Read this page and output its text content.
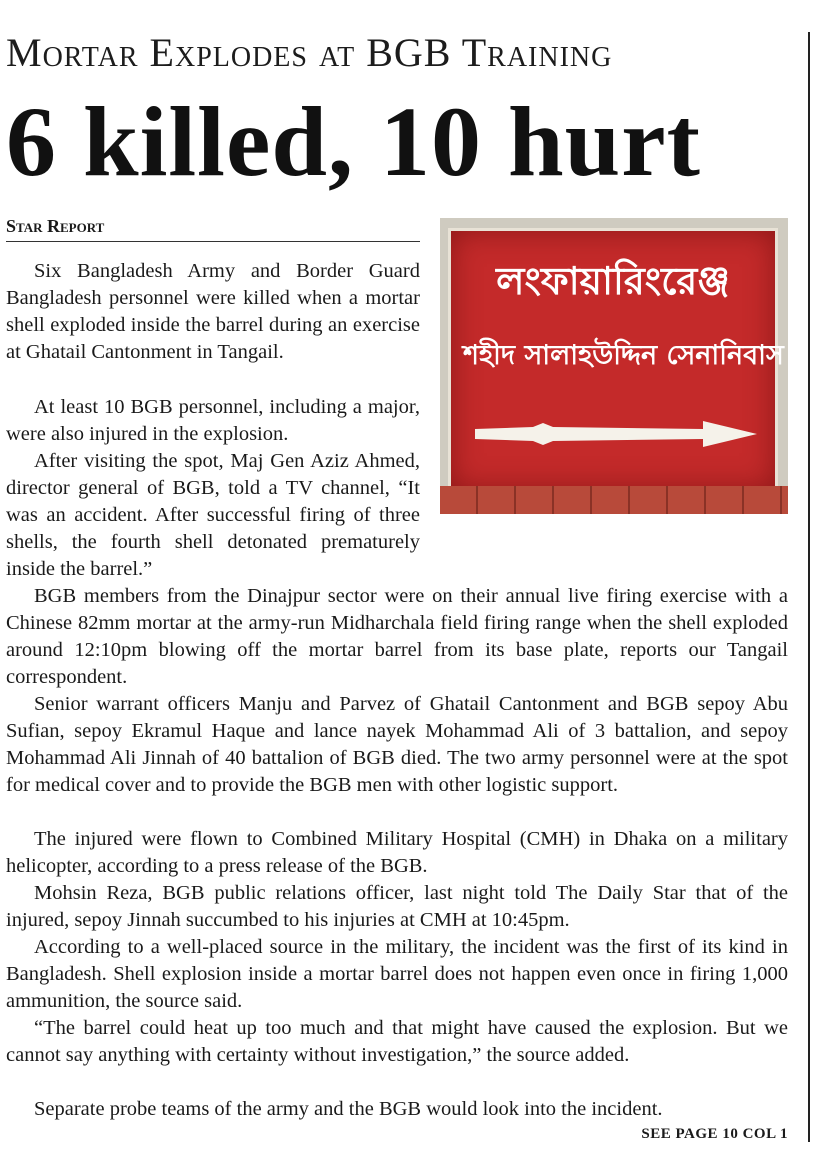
Mortar Explodes at BGB Training
6 killed, 10 hurt
Star Report
লংফায়ারিংরেঞ্জ
শহীদ সালাহউদ্দিন সেনানিবাস

Six Bangladesh Army and Border Guard Bangladesh personnel were killed when a mortar shell exploded inside the barrel during an exercise at Ghatail Cantonment in Tangail.

At least 10 BGB personnel, including a major, were also injured in the explosion.

After visiting the spot, Maj Gen Aziz Ahmed, director general of BGB, told a TV channel, “It was an accident. After successful firing of three shells, the fourth shell detonated prematurely inside the barrel.”

BGB members from the Dinajpur sector were on their annual live firing exercise with a Chinese 82mm mortar at the army-run Midharchala field firing range when the shell exploded around 12:10pm blowing off the mortar barrel from its base plate, reports our Tangail correspondent.

Senior warrant officers Manju and Parvez of Ghatail Cantonment and BGB sepoy Abu Sufian, sepoy Ekramul Haque and lance nayek Mohammad Ali of 3 battalion, and sepoy Mohammad Ali Jinnah of 40 battalion of BGB died. The two army personnel were at the spot for medical cover and to provide the BGB men with other logistic support.

The injured were flown to Combined Military Hospital (CMH) in Dhaka on a military helicopter, according to a press release of the BGB.

Mohsin Reza, BGB public relations officer, last night told The Daily Star that of the injured, sepoy Jinnah succumbed to his injuries at CMH at 10:45pm.

According to a well-placed source in the military, the incident was the first of its kind in Bangladesh. Shell explosion inside a mortar barrel does not happen even once in firing 1,000 ammunition, the source said.

“The barrel could heat up too much and that might have caused the explosion. But we cannot say anything with certainty without investigation,” the source added.

Separate probe teams of the army and the BGB would look into the incident.

SEE PAGE 10 COL 1
